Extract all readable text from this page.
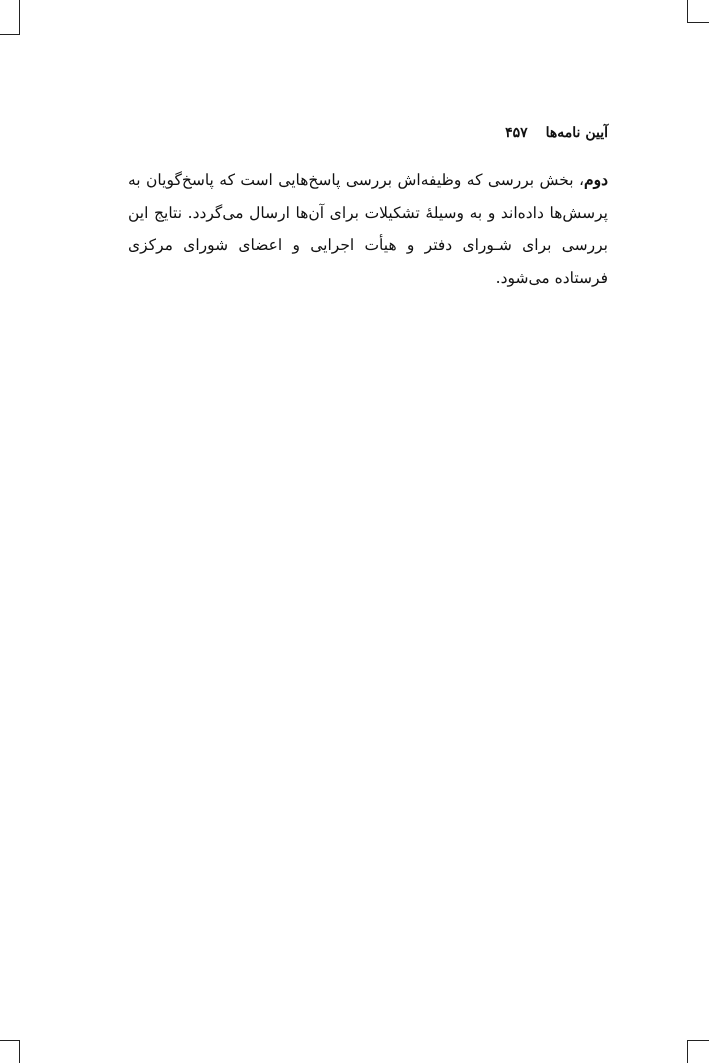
آیین نامه‌ها
۴۵۷

دوم، بخش بررسی که وظیفه‌اش بررسی پاسخ‌هایی است که پاسخ‌گویان به پرسش‌ها داده‌اند و به وسیلهٔ تشکیلات برای آن‌ها ارسال می‌گردد. نتایج این بررسی برای شـورای دفتر و هیأت اجرایی و اعضای شورای مرکزی فرستاده می‌شود.
